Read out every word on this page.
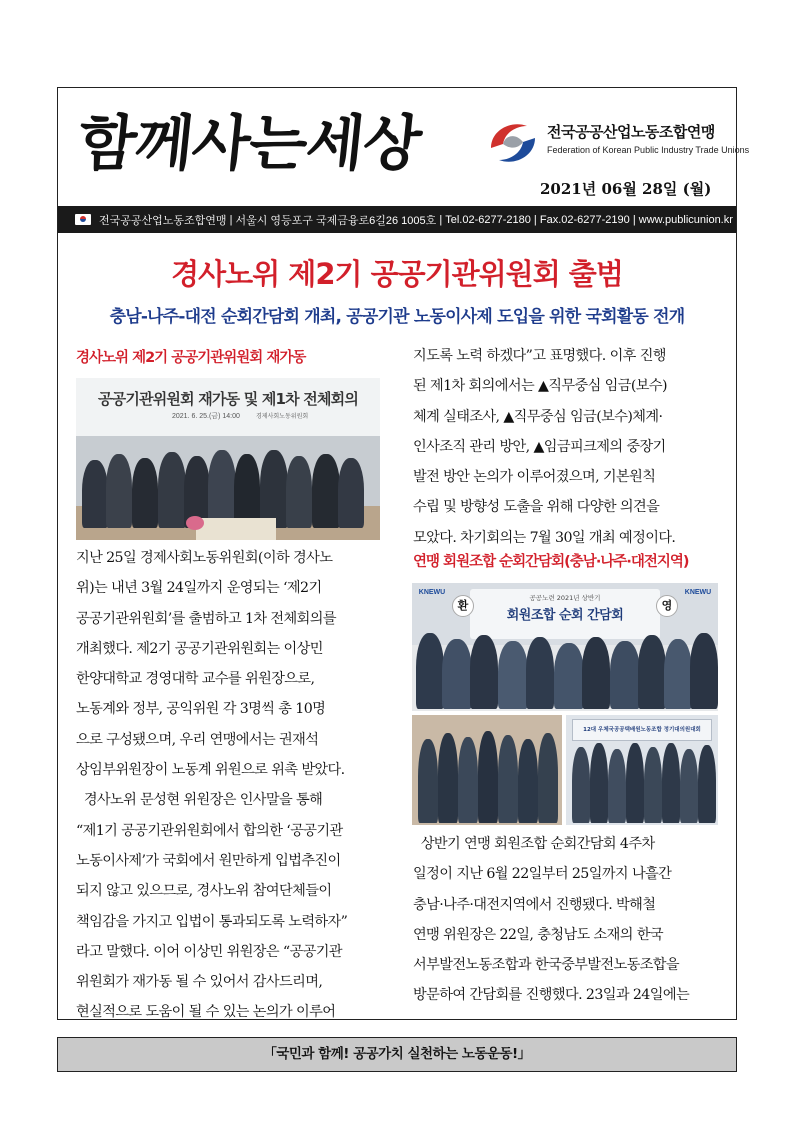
함께사는세상	전국공공산업노동조합연맹
Federation of Korean Public Industry Trade Unions
2021년 06월 28일 (월)
전국공공산업노동조합연맹 | 서울시 영등포구 국제금융로6길26 1005호 | Tel.02-6277-2180 | Fax.02-6277-2190 | www.publicunion.kr
경사노위 제2기 공공기관위원회 출범
충남-나주-대전 순회간담회 개최, 공공기관 노동이사제 도입을 위한 국회활동 전개
경사노위 제2기 공공기관위원회 재가동
공공기관위원회 재가동 및 제1차 전체회의
2021. 6. 25.(금) 14:00	경제사회노동위원회

지난 25일 경제사회노동위원회(이하 경사노

위)는 내년 3월 24일까지 운영되는 ‘제2기

공공기관위원회’를 출범하고 1차 전체회의를

개최했다. 제2기 공공기관위원회는 이상민

한양대학교 경영대학 교수를 위원장으로,

노동계와 정부, 공익위원 각 3명씩 총 10명

으로 구성됐으며, 우리 연맹에서는 권재석

상임부위원장이 노동계 위원으로 위촉 받았다.

경사노위 문성현 위원장은 인사말을 통해

“제1기 공공기관위원회에서 합의한 ‘공공기관

노동이사제’가 국회에서 원만하게 입법추진이

되지 않고 있으므로, 경사노위 참여단체들이

책임감을 가지고 입법이 통과되도록 노력하자”

라고 말했다. 이어 이상민 위원장은 “공공기관

위원회가 재가동 될 수 있어서 감사드리며,

현실적으로 도움이 될 수 있는 논의가 이루어

지도록 노력 하겠다”고 표명했다. 이후 진행

된 제1차 회의에서는 ▲직무중심 임금(보수)

체계 실태조사, ▲직무중심 임금(보수)체계·

인사조직 관리 방안, ▲임금피크제의 중장기

발전 방안 논의가 이루어졌으며, 기본원칙

수립 및 방향성 도출을 위해 다양한 의견을

모았다. 차기회의는 7월 30일 개최 예정이다.

연맹 회원조합 순회간담회(충남·나주·대전지역)
KNEWU	KNEWU
공공노련 2021년 상반기
회원조합 순회 간담회
환	영
12대 우체국공공택배원노동조합 정기대의원대회

상반기 연맹 회원조합 순회간담회 4주차

일정이 지난 6월 22일부터 25일까지 나흘간

충남·나주·대전지역에서 진행됐다. 박해철

연맹 위원장은 22일, 충청남도 소재의 한국

서부발전노동조합과 한국중부발전노동조합을

방문하여 간담회를 진행했다. 23일과 24일에는

「국민과 함께! 공공가치 실천하는 노동운동!」
